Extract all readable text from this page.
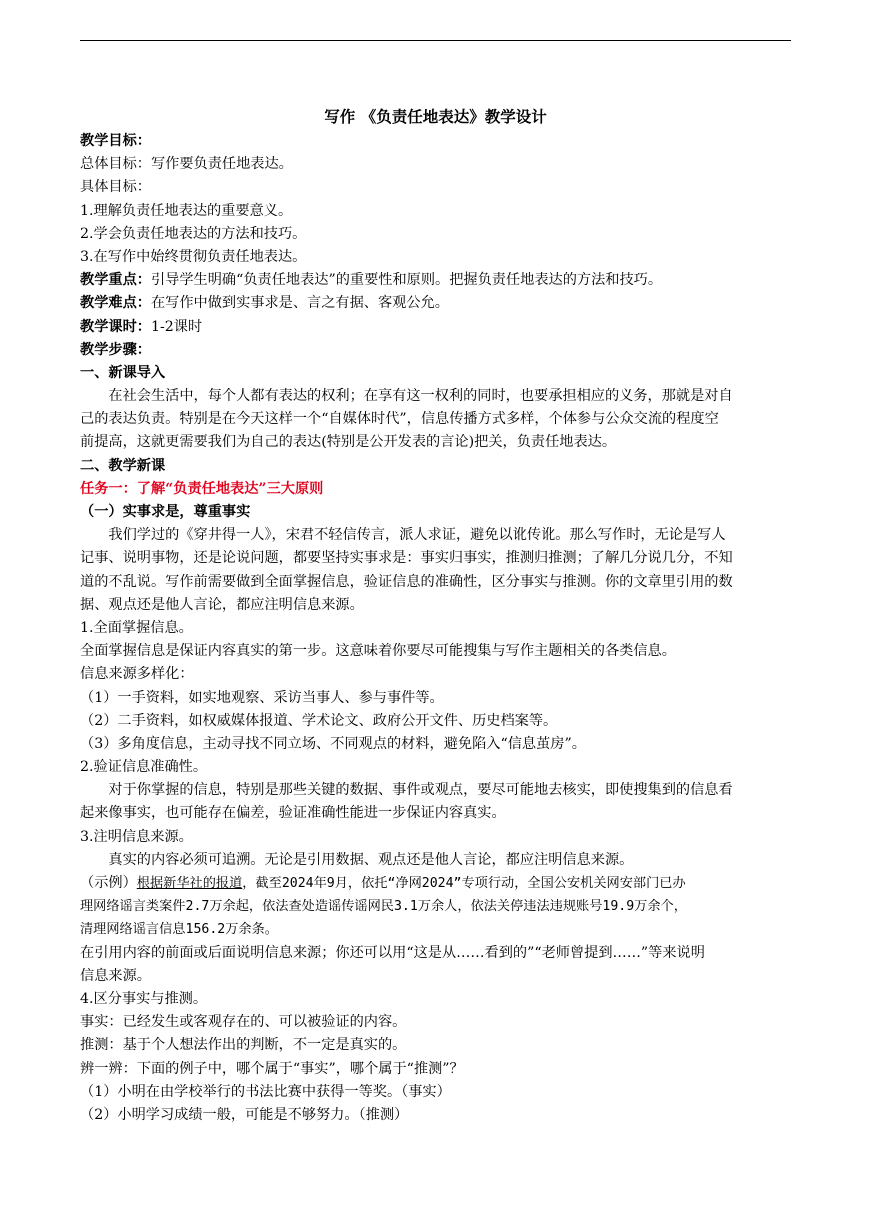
写作 《负责任地表达》教学设计
教学目标：
总体目标：写作要负责任地表达。
具体目标：
1.理解负责任地表达的重要意义。
2.学会负责任地表达的方法和技巧。
3.在写作中始终贯彻负责任地表达。
教学重点：引导学生明确“负责任地表达”的重要性和原则。把握负责任地表达的方法和技巧。
教学难点：在写作中做到实事求是、言之有据、客观公允。
教学课时：1-2课时
教学步骤：
一、新课导入
在社会生活中，每个人都有表达的权利；在享有这一权利的同时，也要承担相应的义务，那就是对自
己的表达负责。特别是在今天这样一个“自媒体时代”，信息传播方式多样，个体参与公众交流的程度空
前提高，这就更需要我们为自己的表达(特别是公开发表的言论)把关，负责任地表达。
二、教学新课
任务一：了解“负责任地表达”三大原则
（一）实事求是，尊重事实
我们学过的《穿井得一人》，宋君不轻信传言，派人求证，避免以讹传讹。那么写作时，无论是写人
记事、说明事物，还是论说问题，都要坚持实事求是：事实归事实，推测归推测；了解几分说几分，不知
道的不乱说。写作前需要做到全面掌握信息，验证信息的准确性，区分事实与推测。你的文章里引用的数
据、观点还是他人言论，都应注明信息来源。
1.全面掌握信息。
全面掌握信息是保证内容真实的第一步。这意味着你要尽可能搜集与写作主题相关的各类信息。
信息来源多样化：
（1）一手资料，如实地观察、采访当事人、参与事件等。
（2）二手资料，如权威媒体报道、学术论文、政府公开文件、历史档案等。
（3）多角度信息，主动寻找不同立场、不同观点的材料，避免陷入“信息茧房”。
2.验证信息准确性。
对于你掌握的信息，特别是那些关键的数据、事件或观点，要尽可能地去核实，即使搜集到的信息看
起来像事实，也可能存在偏差，验证准确性能进一步保证内容真实。
3.注明信息来源。
真实的内容必须可追溯。无论是引用数据、观点还是他人言论，都应注明信息来源。
（示例）根据新华社的报道，截至2024年9月，依托“净网2024”专项行动，全国公安机关网安部门已办
理网络谣言类案件2.7万余起，依法查处造谣传谣网民3.1万余人，依法关停违法违规账号19.9万余个，
清理网络谣言信息156.2万余条。
在引用内容的前面或后面说明信息来源；你还可以用“这是从……看到的”“老师曾提到……”等来说明
信息来源。
4.区分事实与推测。
事实：已经发生或客观存在的、可以被验证的内容。
推测：基于个人想法作出的判断，不一定是真实的。
辨一辨：下面的例子中，哪个属于“事实”，哪个属于“推测”？
（1）小明在由学校举行的书法比赛中获得一等奖。（事实）
（2）小明学习成绩一般，可能是不够努力。（推测）
